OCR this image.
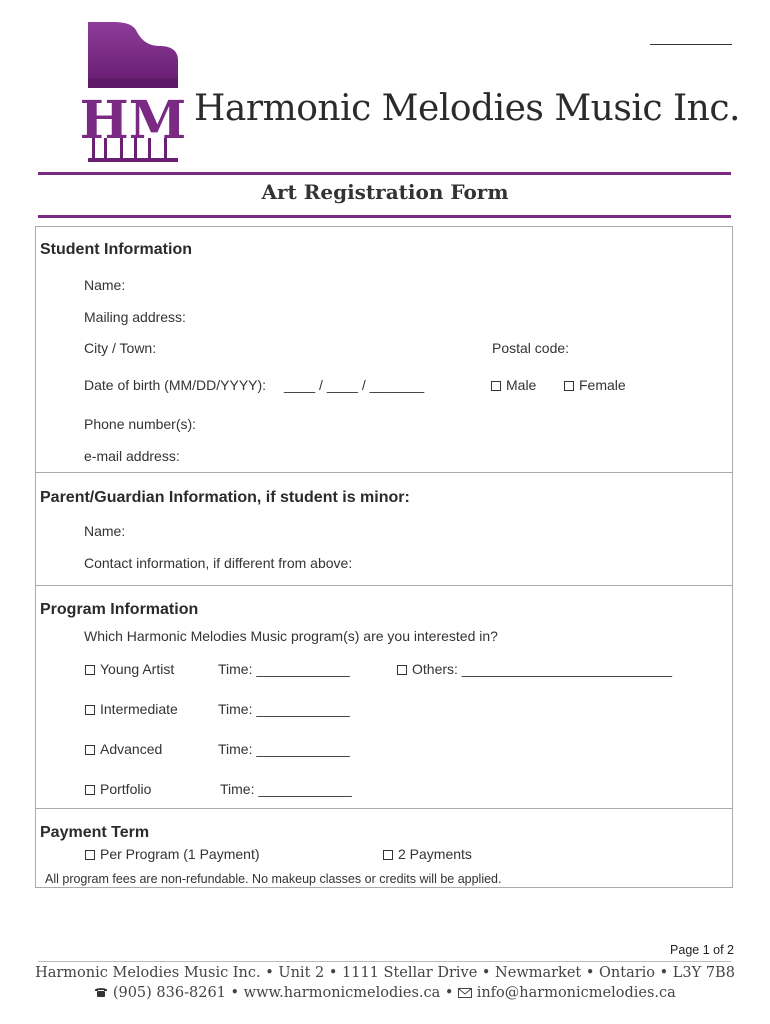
HM Harmonic Melodies Music Inc.
Art Registration Form
Student Information
Name:
Mailing address:
City / Town:	Postal code:
Date of birth (MM/DD/YYYY): ____ / ____ / _______	Male	Female
Phone number(s):
e-mail address:
Parent/Guardian Information, if student is minor:
Name:
Contact information, if different from above:
Program Information
Which Harmonic Melodies Music program(s) are you interested in?
Young Artist	Time: ____________	Others: ___________________________
Intermediate	Time: ____________
Advanced	Time: ____________
Portfolio	Time: ____________
Payment Term
Per Program (1 Payment)	2 Payments
All program fees are non-refundable. No makeup classes or credits will be applied.
Page 1 of 2
Harmonic Melodies Music Inc. • Unit 2 • 1111 Stellar Drive • Newmarket • Ontario • L3Y 7B8
(905) 836-8261 • www.harmonicmelodies.ca • info@harmonicmelodies.ca
